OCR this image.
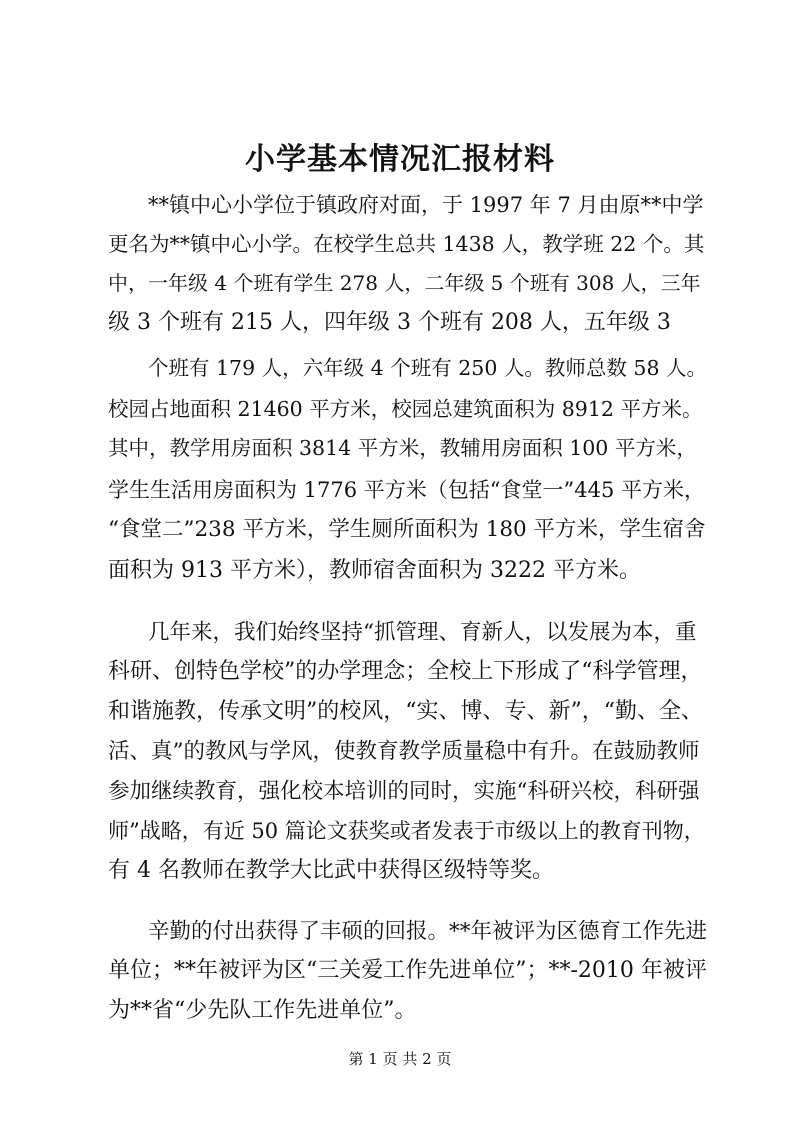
小学基本情况汇报材料
**镇中心小学位于镇政府对面，于 1997 年 7 月由原**中学
更名为**镇中心小学。在校学生总共 1438 人，教学班 22 个。其
中，一年级 4 个班有学生 278 人，二年级 5 个班有 308 人，三年
级 3 个班有 215 人，四年级 3 个班有 208 人，五年级 3
个班有 179 人，六年级 4 个班有 250 人。教师总数 58 人。
校园占地面积 21460 平方米，校园总建筑面积为 8912 平方米。
其中，教学用房面积 3814 平方米，教辅用房面积 100 平方米，
学生生活用房面积为 1776 平方米（包括“食堂一”445 平方米，
“食堂二”238 平方米，学生厕所面积为 180 平方米，学生宿舍
面积为 913 平方米），教师宿舍面积为 3222 平方米。
几年来，我们始终坚持“抓管理、育新人，以发展为本，重
科研、创特色学校”的办学理念；全校上下形成了“科学管理，
和谐施教，传承文明”的校风，“实、博、专、新”，“勤、全、
活、真”的教风与学风，使教育教学质量稳中有升。在鼓励教师
参加继续教育，强化校本培训的同时，实施“科研兴校，科研强
师”战略，有近 50 篇论文获奖或者发表于市级以上的教育刊物，
有 4 名教师在教学大比武中获得区级特等奖。
辛勤的付出获得了丰硕的回报。**年被评为区德育工作先进
单位；**年被评为区“三关爱工作先进单位”；**-2010 年被评
为**省“少先队工作先进单位”。
第 1 页 共 2 页
